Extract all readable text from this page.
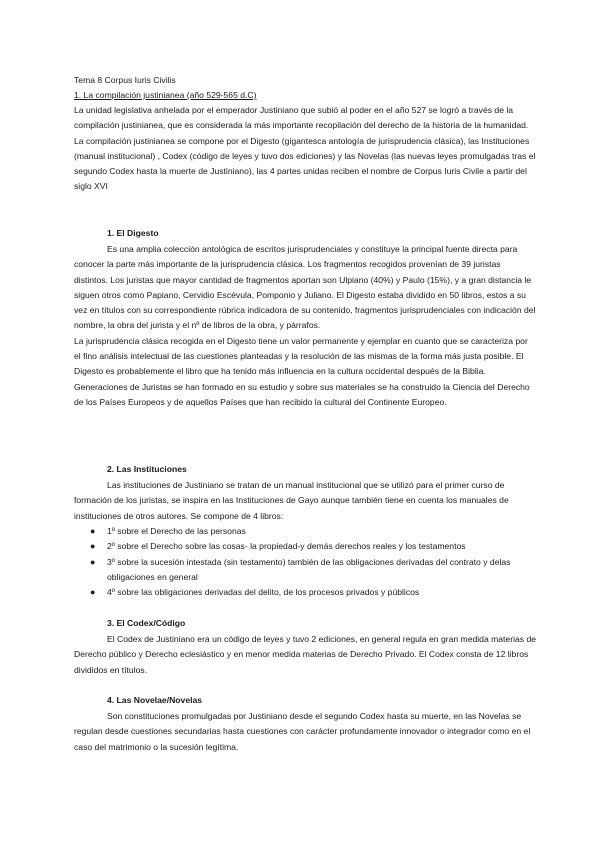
Tema 8 Corpus Iuris Civilis
1. La compilación justinianea (año 529-565 d.C)
La unidad legislativa anhelada por el emperador Justiniano que subió al poder en el año 527 se logró a través de la compilación justinianea, que es considerada la más importante recopilación del derecho de la historia de la humanidad. La compilación justinianea se compone por el Digesto (gigantesca antología de jurisprudencia clásica), las Instituciones (manual institucional) , Codex (código de leyes y tuvo dos ediciones) y las Novelas (las nuevas leyes promulgadas tras el segundo Codex hasta la muerte de Justiniano), las 4 partes unidas reciben el nombre de Corpus Iuris Civile a partir del siglo XVI
1. El Digesto

Es una amplia colección antológica de escritos jurisprudenciales y constituye la principal fuente directa para conocer la parte más importante de la jurisprudencia clásica. Los fragmentos recogidos provenían de 39 juristas distintos. Los juristas que mayor cantidad de fragmentos aportan son Ulpiano (40%) y Paulo (15%), y a gran distancia le siguen otros como Papiano, Cervidio Escévula, Pomponio y Juliano. El Digesto estaba dividido en 50 libros, estos a su vez en títulos con su correspondiente rúbrica indicadora de su contenido, fragmentos jurisprudenciales con indicación del nombre, la obra del jurista y el nº de libros de la obra, y párrafos.

La jurisprudencia clásica recogida en el Digesto tiene un valor permanente y ejemplar en cuanto que se caracteriza por el fino análisis intelectual de las cuestiones planteadas y la resolución de las mismas de la forma más justa posible. El Digesto es probablemente el libro que ha tenido más influencia en la cultura occidental después de la Biblia. Generaciones de Juristas se han formado en su estudio y sobre sus materiales se ha construido la Ciencia del Derecho de los Países Europeos y de aquellos Países que han recibido la cultural del Continente Europeo.

2. Las Instituciones

Las instituciones de Justiniano se tratan de un manual institucional que se utilizó para el primer curso de formación de los juristas, se inspira en las Instituciones de Gayo aunque también tiene en cuenta los manuales de instituciones de otros autores. Se compone de 4 libros:

● 1º sobre el Derecho de las personas
● 2º sobre el Derecho sobre las cosas- la propiedad-y demás derechos reales y los testamentos
● 3º sobre la sucesión intestada (sin testamento) también de las obligaciones derivadas del contrato y delas obligaciones en general
● 4º sobre las obligaciones derivadas del delito, de los procesos privados y públicos
3. El Codex/Código

El Codex de Justiniano era un código de leyes y tuvo 2 ediciones, en general regula en gran medida materias de Derecho público y Derecho eclesiástico y en menor medida materias de Derecho Privado. El Codex consta de 12 libros divididos en títulos.

4. Las Novelae/Novelas

Son constituciones promulgadas por Justiniano desde el segundo Codex hasta su muerte, en las Novelas se regulan desde cuestiones secundarias hasta cuestiones con carácter profundamente innovador o integrador como en el caso del matrimonio o la sucesión legítima.
